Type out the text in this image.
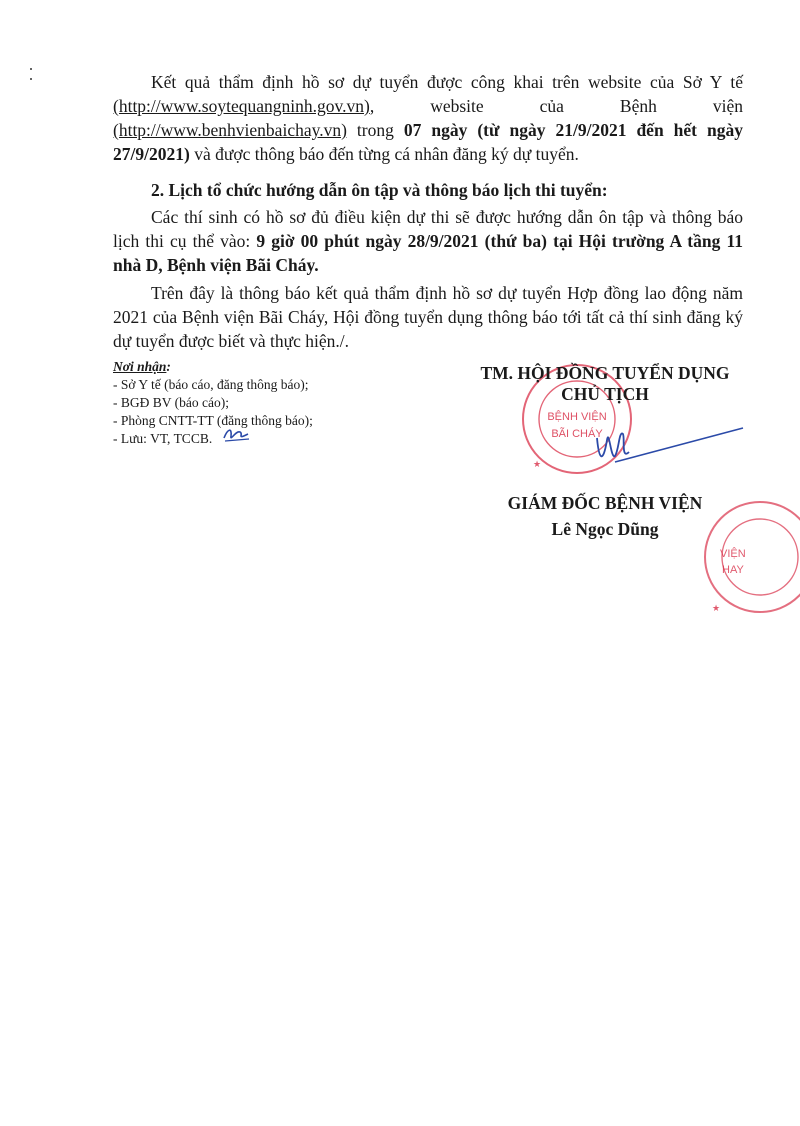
Kết quả thẩm định hồ sơ dự tuyển được công khai trên website của Sở Y tế (http://www.soytequangninh.gov.vn), website của Bệnh viện (http://www.benhvienbaichay.vn) trong 07 ngày (từ ngày 21/9/2021 đến hết ngày 27/9/2021) và được thông báo đến từng cá nhân đăng ký dự tuyển.

2. Lịch tổ chức hướng dẫn ôn tập và thông báo lịch thi tuyển:

Các thí sinh có hồ sơ đủ điều kiện dự thi sẽ được hướng dẫn ôn tập và thông báo lịch thi cụ thể vào: 9 giờ 00 phút ngày 28/9/2021 (thứ ba) tại Hội trường A tầng 11 nhà D, Bệnh viện Bãi Cháy.

Trên đây là thông báo kết quả thẩm định hồ sơ dự tuyển Hợp đồng lao động năm 2021 của Bệnh viện Bãi Cháy, Hội đồng tuyển dụng thông báo tới tất cả thí sinh đăng ký dự tuyển được biết và thực hiện./.

Nơi nhận:
- Sở Y tế (báo cáo, đăng thông báo);
- BGĐ BV (báo cáo);
- Phòng CNTT-TT (đăng thông báo);
- Lưu: VT, TCCB.
BỆNH VIỆN
BÃI CHÁY
★
VIỆN
HAY
★
TM. HỘI ĐỒNG TUYỂN DỤNG
CHỦ TỊCH
GIÁM ĐỐC BỆNH VIỆN
Lê Ngọc Dũng
